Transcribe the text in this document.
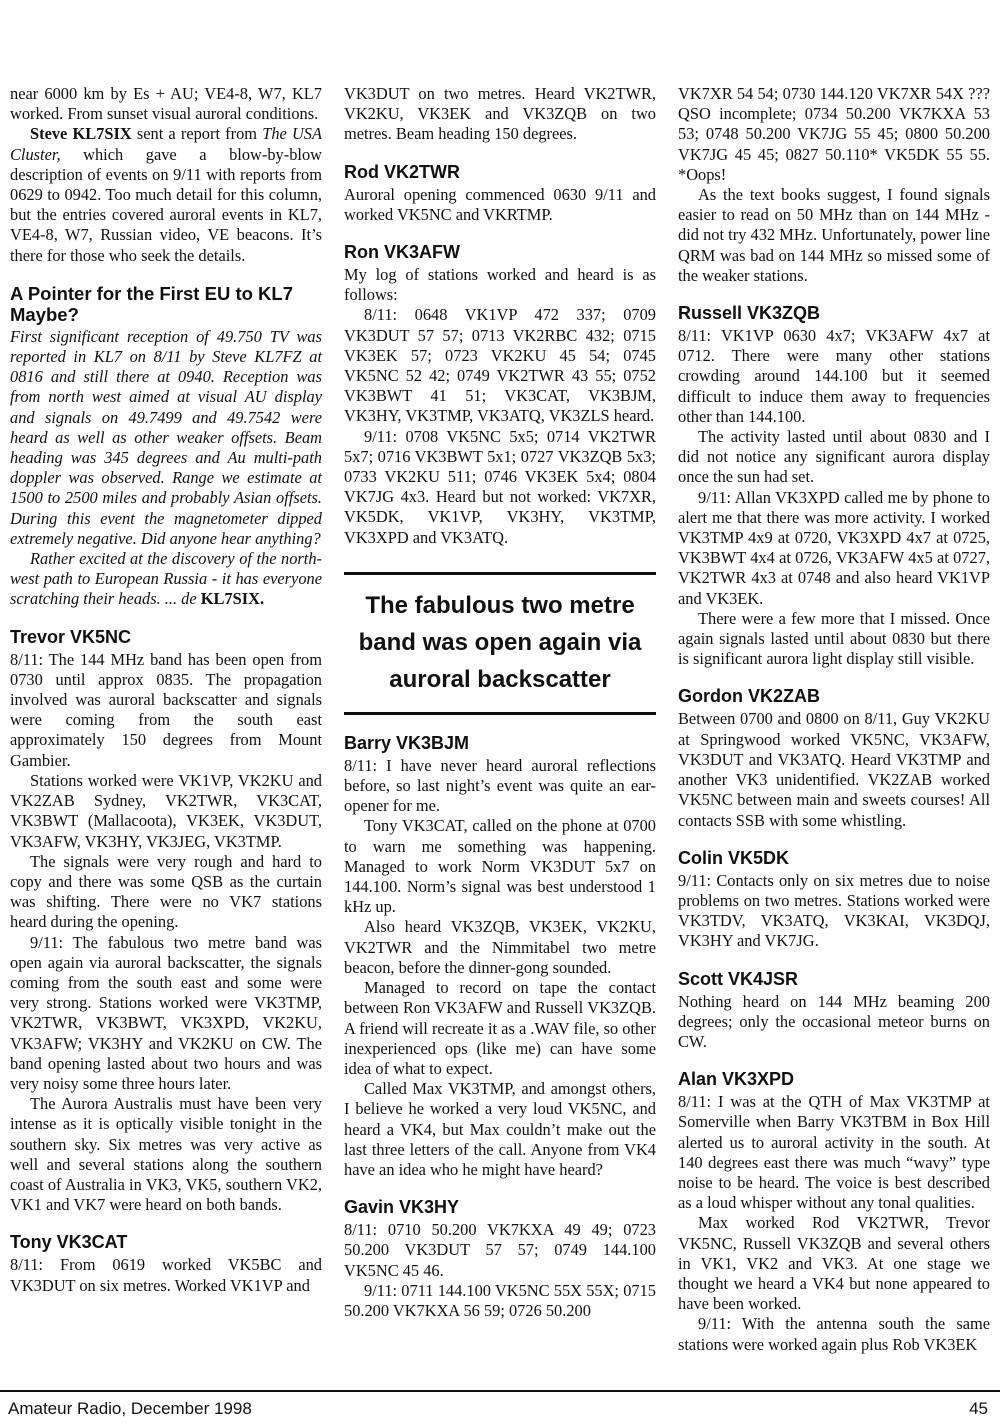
near 6000 km by Es + AU; VE4-8, W7, KL7 worked. From sunset visual auroral conditions.

Steve KL7SIX sent a report from The USA Cluster, which gave a blow-by-blow description of events on 9/11 with reports from 0629 to 0942. Too much detail for this column, but the entries covered auroral events in KL7, VE4-8, W7, Russian video, VE beacons. It’s there for those who seek the details.

A Pointer for the First EU to KL7 Maybe?

First significant reception of 49.750 TV was reported in KL7 on 8/11 by Steve KL7FZ at 0816 and still there at 0940. Reception was from north west aimed at visual AU display and signals on 49.7499 and 49.7542 were heard as well as other weaker offsets. Beam heading was 345 degrees and Au multi-path doppler was observed. Range we estimate at 1500 to 2500 miles and probably Asian offsets. During this event the magnetometer dipped extremely negative. Did anyone hear anything?

Rather excited at the discovery of the north-west path to European Russia - it has everyone scratching their heads. ... de KL7SIX.

Trevor VK5NC

8/11: The 144 MHz band has been open from 0730 until approx 0835. The propagation involved was auroral backscatter and signals were coming from the south east approximately 150 degrees from Mount Gambier.

Stations worked were VK1VP, VK2KU and VK2ZAB Sydney, VK2TWR, VK3CAT, VK3BWT (Mallacoota), VK3EK, VK3DUT, VK3AFW, VK3HY, VK3JEG, VK3TMP.

The signals were very rough and hard to copy and there was some QSB as the curtain was shifting. There were no VK7 stations heard during the opening.

9/11: The fabulous two metre band was open again via auroral backscatter, the signals coming from the south east and some were very strong. Stations worked were VK3TMP, VK2TWR, VK3BWT, VK3XPD, VK2KU, VK3AFW; VK3HY and VK2KU on CW. The band opening lasted about two hours and was very noisy some three hours later.

The Aurora Australis must have been very intense as it is optically visible tonight in the southern sky. Six metres was very active as well and several stations along the southern coast of Australia in VK3, VK5, southern VK2, VK1 and VK7 were heard on both bands.

Tony VK3CAT

8/11: From 0619 worked VK5BC and VK3DUT on six metres. Worked VK1VP and

VK3DUT on two metres. Heard VK2TWR, VK2KU, VK3EK and VK3ZQB on two metres. Beam heading 150 degrees.

Rod VK2TWR

Auroral opening commenced 0630 9/11 and worked VK5NC and VKRTMP.

Ron VK3AFW

My log of stations worked and heard is as follows:

8/11: 0648 VK1VP 472 337; 0709 VK3DUT 57 57; 0713 VK2RBC 432; 0715 VK3EK 57; 0723 VK2KU 45 54; 0745 VK5NC 52 42; 0749 VK2TWR 43 55; 0752 VK3BWT 41 51; VK3CAT, VK3BJM, VK3HY, VK3TMP, VK3ATQ, VK3ZLS heard.

9/11: 0708 VK5NC 5x5; 0714 VK2TWR 5x7; 0716 VK3BWT 5x1; 0727 VK3ZQB 5x3; 0733 VK2KU 511; 0746 VK3EK 5x4; 0804 VK7JG 4x3. Heard but not worked: VK7XR, VK5DK, VK1VP, VK3HY, VK3TMP, VK3XPD and VK3ATQ.

The fabulous two metre band was open again via auroral backscatter
Barry VK3BJM

8/11: I have never heard auroral reflections before, so last night’s event was quite an ear-opener for me.

Tony VK3CAT, called on the phone at 0700 to warn me something was happening. Managed to work Norm VK3DUT 5x7 on 144.100. Norm’s signal was best understood 1 kHz up.

Also heard VK3ZQB, VK3EK, VK2KU, VK2TWR and the Nimmitabel two metre beacon, before the dinner-gong sounded.

Managed to record on tape the contact between Ron VK3AFW and Russell VK3ZQB. A friend will recreate it as a .WAV file, so other inexperienced ops (like me) can have some idea of what to expect.

Called Max VK3TMP, and amongst others, I believe he worked a very loud VK5NC, and heard a VK4, but Max couldn’t make out the last three letters of the call. Anyone from VK4 have an idea who he might have heard?

Gavin VK3HY

8/11: 0710 50.200 VK7KXA 49 49; 0723 50.200 VK3DUT 57 57; 0749 144.100 VK5NC 45 46.

9/11: 0711 144.100 VK5NC 55X 55X; 0715 50.200 VK7KXA 56 59; 0726 50.200

VK7XR 54 54; 0730 144.120 VK7XR 54X ??? QSO incomplete; 0734 50.200 VK7KXA 53 53; 0748 50.200 VK7JG 55 45; 0800 50.200 VK7JG 45 45; 0827 50.110* VK5DK 55 55. *Oops!

As the text books suggest, I found signals easier to read on 50 MHz than on 144 MHz - did not try 432 MHz. Unfortunately, power line QRM was bad on 144 MHz so missed some of the weaker stations.

Russell VK3ZQB

8/11: VK1VP 0630 4x7; VK3AFW 4x7 at 0712. There were many other stations crowding around 144.100 but it seemed difficult to induce them away to frequencies other than 144.100.

The activity lasted until about 0830 and I did not notice any significant aurora display once the sun had set.

9/11: Allan VK3XPD called me by phone to alert me that there was more activity. I worked VK3TMP 4x9 at 0720, VK3XPD 4x7 at 0725, VK3BWT 4x4 at 0726, VK3AFW 4x5 at 0727, VK2TWR 4x3 at 0748 and also heard VK1VP and VK3EK.

There were a few more that I missed. Once again signals lasted until about 0830 but there is significant aurora light display still visible.

Gordon VK2ZAB

Between 0700 and 0800 on 8/11, Guy VK2KU at Springwood worked VK5NC, VK3AFW, VK3DUT and VK3ATQ. Heard VK3TMP and another VK3 unidentified. VK2ZAB worked VK5NC between main and sweets courses! All contacts SSB with some whistling.

Colin VK5DK

9/11: Contacts only on six metres due to noise problems on two metres. Stations worked were VK3TDV, VK3ATQ, VK3KAI, VK3DQJ, VK3HY and VK7JG.

Scott VK4JSR

Nothing heard on 144 MHz beaming 200 degrees; only the occasional meteor burns on CW.

Alan VK3XPD

8/11: I was at the QTH of Max VK3TMP at Somerville when Barry VK3TBM in Box Hill alerted us to auroral activity in the south. At 140 degrees east there was much “wavy” type noise to be heard. The voice is best described as a loud whisper without any tonal qualities.

Max worked Rod VK2TWR, Trevor VK5NC, Russell VK3ZQB and several others in VK1, VK2 and VK3. At one stage we thought we heard a VK4 but none appeared to have been worked.

9/11: With the antenna south the same stations were worked again plus Rob VK3EK

Amateur Radio, December 1998	45
